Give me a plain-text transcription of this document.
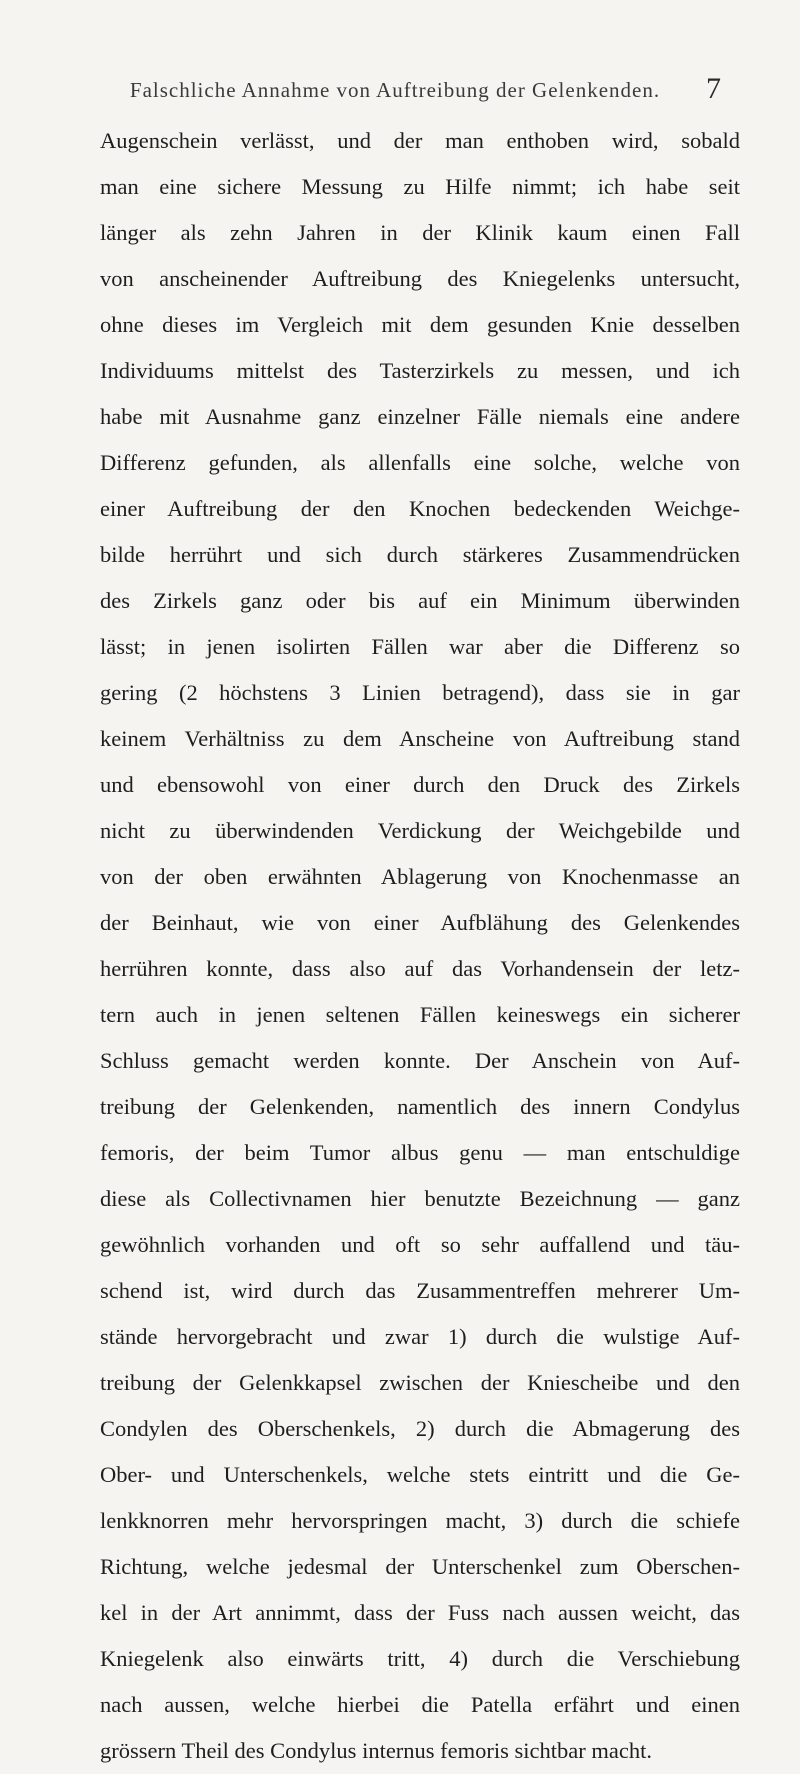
Falschliche Annahme von Auftreibung der Gelenkenden.	7
Augenschein verlässt, und der man enthoben wird, sobald
man eine sichere Messung zu Hilfe nimmt; ich habe seit
länger als zehn Jahren in der Klinik kaum einen Fall
von anscheinender Auftreibung des Kniegelenks untersucht,
ohne dieses im Vergleich mit dem gesunden Knie desselben
Individuums mittelst des Tasterzirkels zu messen, und ich
habe mit Ausnahme ganz einzelner Fälle niemals eine andere
Differenz gefunden, als allenfalls eine solche, welche von
einer Auftreibung der den Knochen bedeckenden Weichge-
bilde herrührt und sich durch stärkeres Zusammendrücken
des Zirkels ganz oder bis auf ein Minimum überwinden
lässt; in jenen isolirten Fällen war aber die Differenz so
gering (2 höchstens 3 Linien betragend), dass sie in gar
keinem Verhältniss zu dem Anscheine von Auftreibung stand
und ebensowohl von einer durch den Druck des Zirkels
nicht zu überwindenden Verdickung der Weichgebilde und
von der oben erwähnten Ablagerung von Knochenmasse an
der Beinhaut, wie von einer Aufblähung des Gelenkendes
herrühren konnte, dass also auf das Vorhandensein der letz-
tern auch in jenen seltenen Fällen keineswegs ein sicherer
Schluss gemacht werden konnte. Der Anschein von Auf-
treibung der Gelenkenden, namentlich des innern Condylus
femoris, der beim Tumor albus genu — man entschuldige
diese als Collectivnamen hier benutzte Bezeichnung — ganz
gewöhnlich vorhanden und oft so sehr auffallend und täu-
schend ist, wird durch das Zusammentreffen mehrerer Um-
stände hervorgebracht und zwar 1) durch die wulstige Auf-
treibung der Gelenkkapsel zwischen der Kniescheibe und den
Condylen des Oberschenkels, 2) durch die Abmagerung des
Ober- und Unterschenkels, welche stets eintritt und die Ge-
lenkknorren mehr hervorspringen macht, 3) durch die schiefe
Richtung, welche jedesmal der Unterschenkel zum Oberschen-
kel in der Art annimmt, dass der Fuss nach aussen weicht, das
Kniegelenk also einwärts tritt, 4) durch die Verschiebung
nach aussen, welche hierbei die Patella erfährt und einen
grössern Theil des Condylus internus femoris sichtbar macht.
